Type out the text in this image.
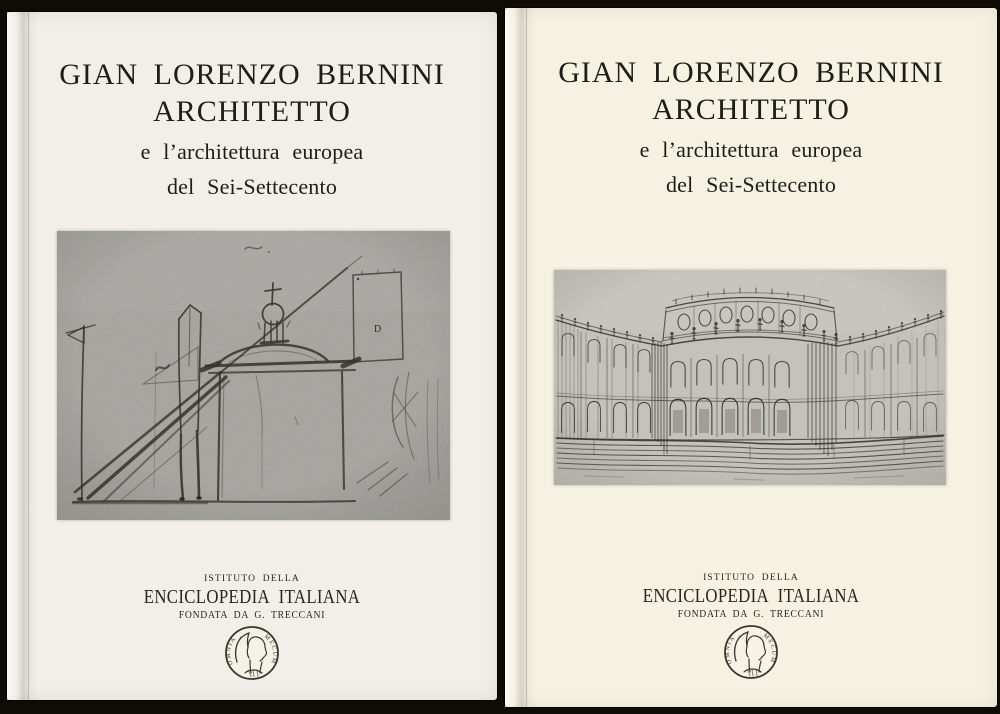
GIAN LORENZO BERNINI
ARCHITETTO
e l’architettura europea
del Sei-Settecento
ISTITUTO DELLA
ENCICLOPEDIA ITALIANA
FONDATA DA G. TRECCANI
OMNIA	MECUM
GIAN LORENZO BERNINI
ARCHITETTO
e l’architettura europea
del Sei-Settecento
ISTITUTO DELLA
ENCICLOPEDIA ITALIANA
FONDATA DA G. TRECCANI
OMNIA	MECUM
